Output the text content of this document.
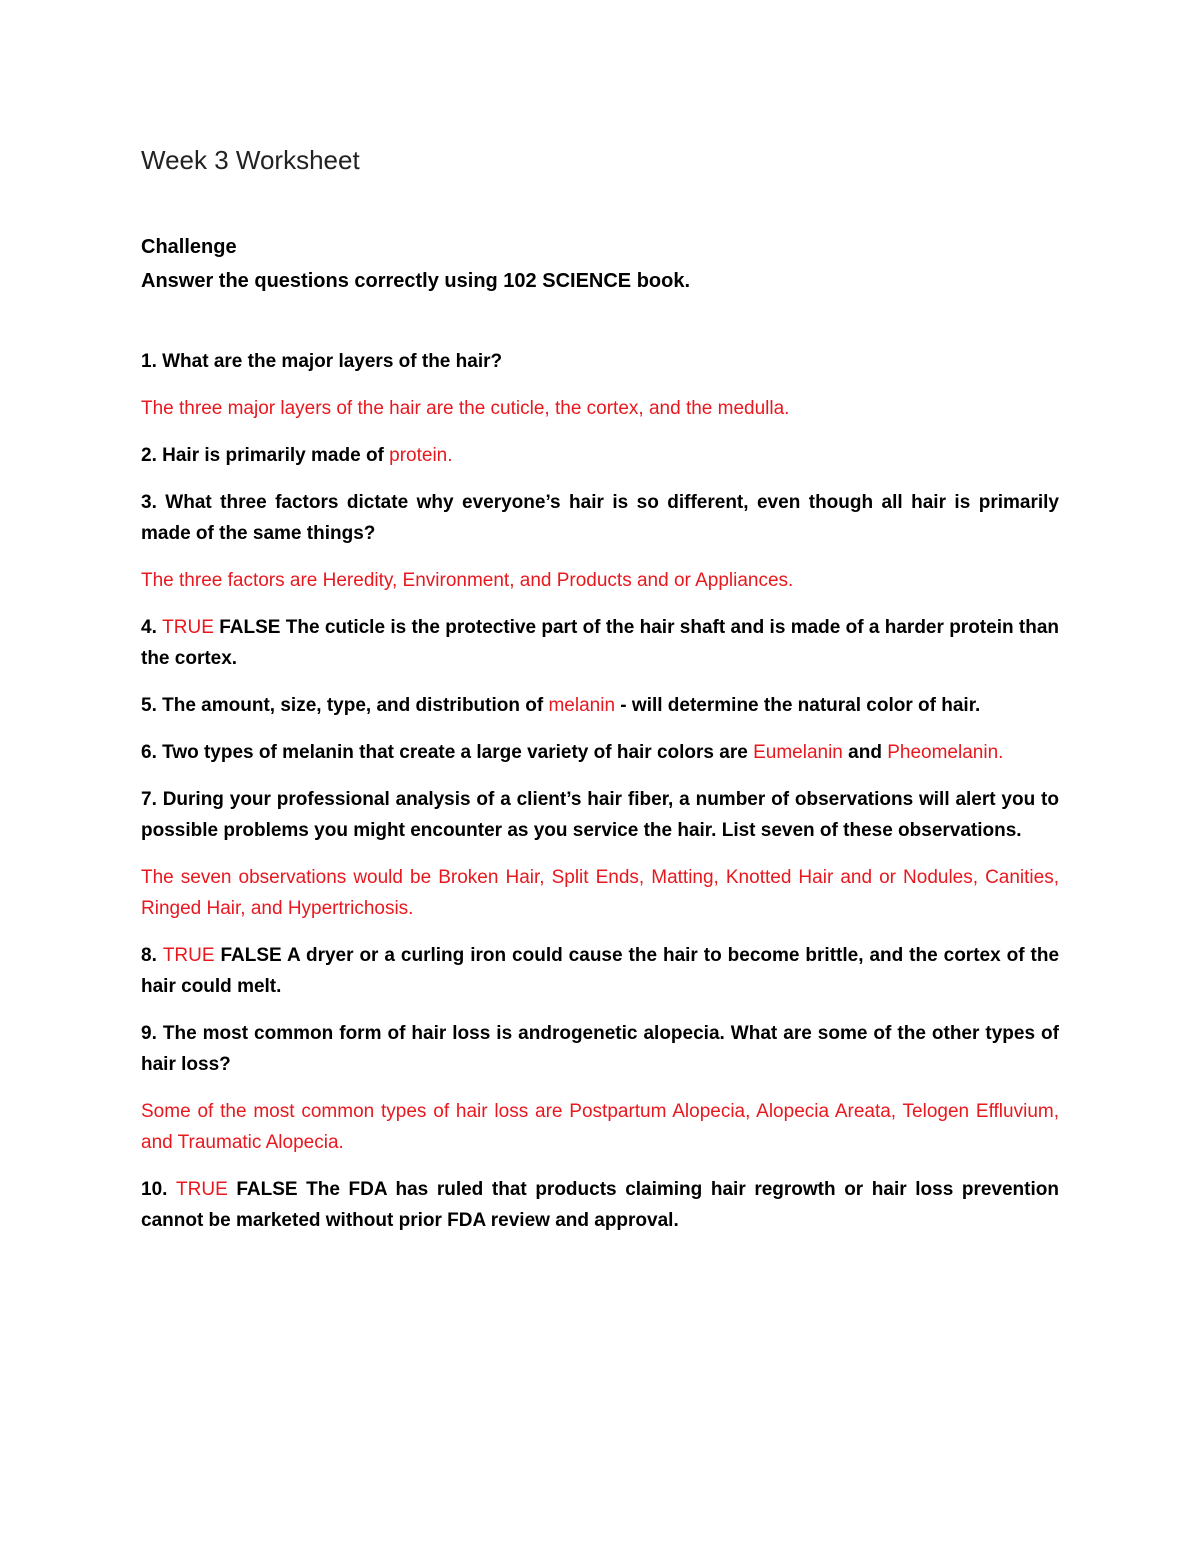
Week 3 Worksheet

Challenge

Answer the questions correctly using 102 SCIENCE book.

1. What are the major layers of the hair?

The three major layers of the hair are the cuticle, the cortex, and the medulla.

2. Hair is primarily made of protein.

3. What three factors dictate why everyone’s hair is so different, even though all hair is primarily made of the same things?

The three factors are Heredity, Environment, and Products and or Appliances.

4. TRUE FALSE The cuticle is the protective part of the hair shaft and is made of a harder protein than the cortex.

5. The amount, size, type, and distribution of melanin - will determine the natural color of hair.

6. Two types of melanin that create a large variety of hair colors are Eumelanin and Pheomelanin.

7. During your professional analysis of a client’s hair fiber, a number of observations will alert you to possible problems you might encounter as you service the hair. List seven of these observations.

The seven observations would be Broken Hair, Split Ends, Matting, Knotted Hair and or Nodules, Canities, Ringed Hair, and Hypertrichosis.

8. TRUE FALSE A dryer or a curling iron could cause the hair to become brittle, and the cortex of the hair could melt.

9. The most common form of hair loss is androgenetic alopecia. What are some of the other types of hair loss?

Some of the most common types of hair loss are Postpartum Alopecia, Alopecia Areata, Telogen Effluvium, and Traumatic Alopecia.

10. TRUE FALSE The FDA has ruled that products claiming hair regrowth or hair loss prevention cannot be marketed without prior FDA review and approval.
